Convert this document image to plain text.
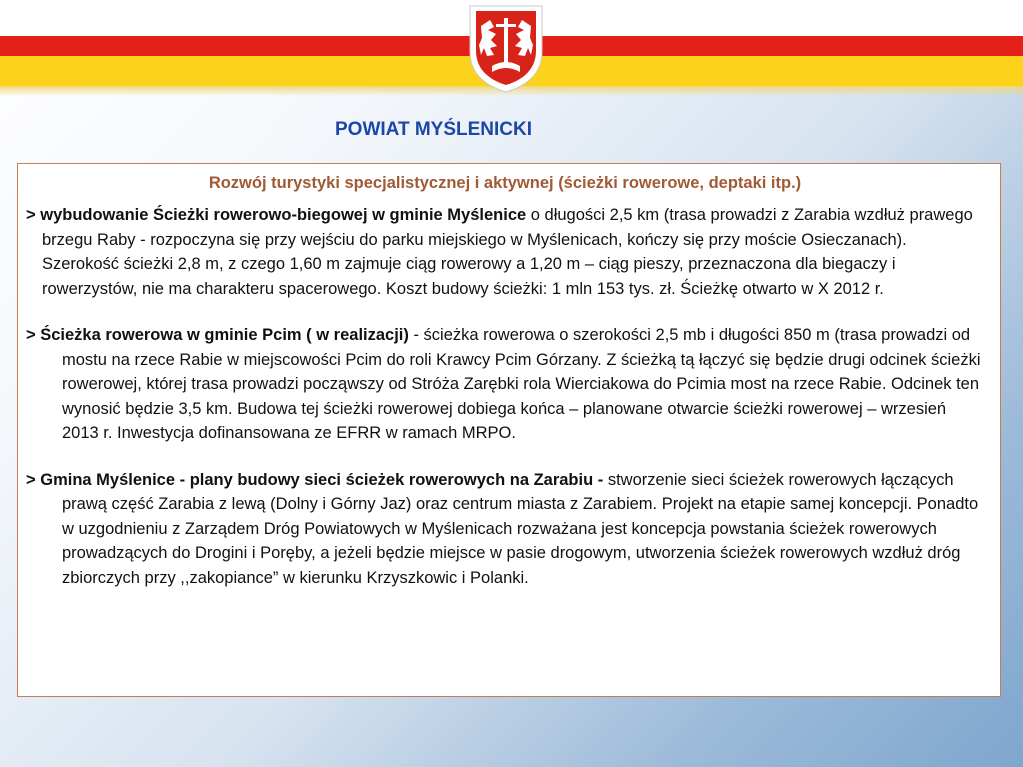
POWIAT MYŚLENICKI
Rozwój turystyki specjalistycznej i aktywnej (ścieżki rowerowe, deptaki itp.)

> wybudowanie Ścieżki rowerowo-biegowej w gminie Myślenice o długości 2,5 km (trasa prowadzi z Zarabia wzdłuż prawego brzegu Raby - rozpoczyna się przy wejściu do parku miejskiego w Myślenicach, kończy się przy moście Osieczanach). Szerokość ścieżki 2,8 m, z czego 1,60 m zajmuje ciąg rowerowy a 1,20 m – ciąg pieszy, przeznaczona dla biegaczy i rowerzystów, nie ma charakteru spacerowego. Koszt budowy ścieżki: 1 mln 153 tys. zł. Ścieżkę otwarto w X 2012 r.

> Ścieżka rowerowa w gminie Pcim ( w realizacji) - ścieżka rowerowa o szerokości 2,5 mb i długości 850 m (trasa prowadzi od mostu na rzece Rabie w miejscowości Pcim do roli Krawcy Pcim Górzany. Z ścieżką tą łączyć się będzie drugi odcinek ścieżki rowerowej, której trasa prowadzi począwszy od Stróża Zarębki rola Wierciakowa do Pcimia most na rzece Rabie. Odcinek ten wynosić będzie 3,5 km. Budowa tej ścieżki rowerowej dobiega końca – planowane otwarcie ścieżki rowerowej – wrzesień 2013 r. Inwestycja dofinansowana ze EFRR w ramach MRPO.

> Gmina Myślenice - plany budowy sieci ścieżek rowerowych na Zarabiu - stworzenie sieci ścieżek rowerowych łączących prawą część Zarabia z lewą (Dolny i Górny Jaz) oraz centrum miasta z Zarabiem. Projekt na etapie samej koncepcji. Ponadto w uzgodnieniu z Zarządem Dróg Powiatowych w Myślenicach rozważana jest koncepcja powstania ścieżek rowerowych prowadzących do Drogini i Poręby, a jeżeli będzie miejsce w pasie drogowym, utworzenia ścieżek rowerowych wzdłuż dróg zbiorczych przy ,,zakopiance” w kierunku Krzyszkowic i Polanki.
